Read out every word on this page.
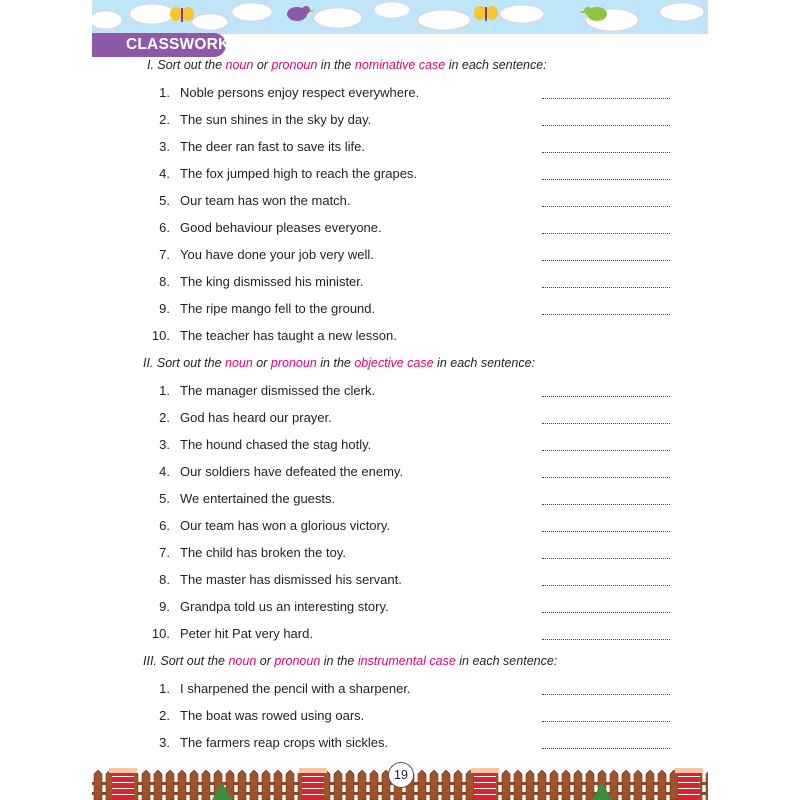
CLASSWORK
I. Sort out the noun or pronoun in the nominative case in each sentence:
1. Noble persons enjoy respect everywhere.
2. The sun shines in the sky by day.
3. The deer ran fast to save its life.
4. The fox jumped high to reach the grapes.
5. Our team has won the match.
6. Good behaviour pleases everyone.
7. You have done your job very well.
8. The king dismissed his minister.
9. The ripe mango fell to the ground.
10. The teacher has taught a new lesson.
II. Sort out the noun or pronoun in the objective case in each sentence:
1. The manager dismissed the clerk.
2. God has heard our prayer.
3. The hound chased the stag hotly.
4. Our soldiers have defeated the enemy.
5. We entertained the guests.
6. Our team has won a glorious victory.
7. The child has broken the toy.
8. The master has dismissed his servant.
9. Grandpa told us an interesting story.
10. Peter hit Pat very hard.
III. Sort out the noun or pronoun in the instrumental case in each sentence:
1. I sharpened the pencil with a sharpener.
2. The boat was rowed using oars.
3. The farmers reap crops with sickles.
19
